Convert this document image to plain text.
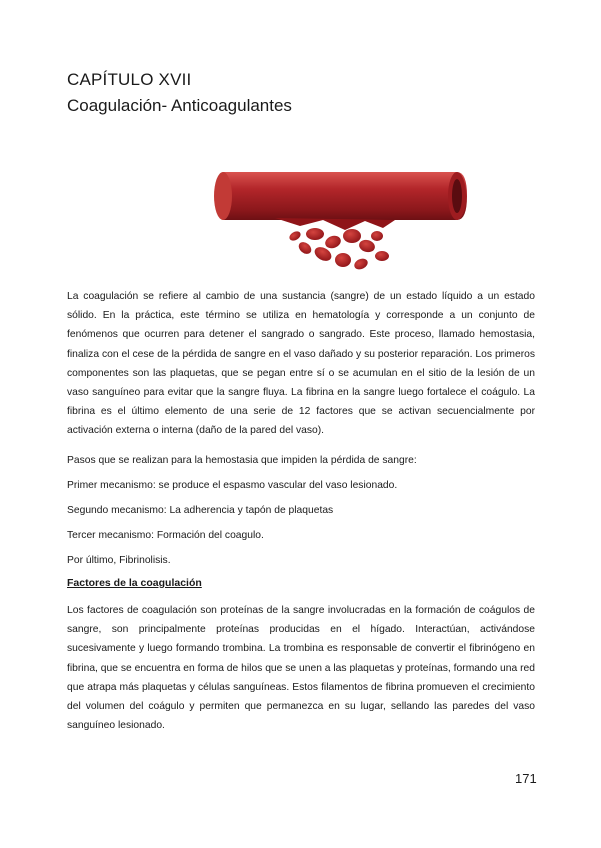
CAPÍTULO XVII
Coagulación- Anticoagulantes
La coagulación se refiere al cambio de una sustancia (sangre) de un estado líquido a un estado sólido. En la práctica, este término se utiliza en hematología y corresponde a un conjunto de fenómenos que ocurren para detener el sangrado o sangrado. Este proceso, llamado hemostasia, finaliza con el cese de la pérdida de sangre en el vaso dañado y su posterior reparación. Los primeros componentes son las plaquetas, que se pegan entre sí o se acumulan en el sitio de la lesión de un vaso sanguíneo para evitar que la sangre fluya. La fibrina en la sangre luego fortalece el coágulo. La fibrina es el último elemento de una serie de 12 factores que se activan secuencialmente por activación externa o interna (daño de la pared del vaso).
Pasos que se realizan para la hemostasia que impiden la pérdida de sangre:
Primer mecanismo: se produce el espasmo vascular del vaso lesionado.
Segundo mecanismo: La adherencia y tapón de plaquetas
Tercer mecanismo: Formación del coagulo.
Por último, Fibrinolisis.
Factores de la coagulación
Los factores de coagulación son proteínas de la sangre involucradas en la formación de coágulos de sangre, son principalmente proteínas producidas en el hígado. Interactúan, activándose sucesivamente y luego formando trombina. La trombina es responsable de convertir el fibrinógeno en fibrina, que se encuentra en forma de hilos que se unen a las plaquetas y proteínas, formando una red que atrapa más plaquetas y células sanguíneas. Estos filamentos de fibrina promueven el crecimiento del volumen del coágulo y permiten que permanezca en su lugar, sellando las paredes del vaso sanguíneo lesionado.
171
